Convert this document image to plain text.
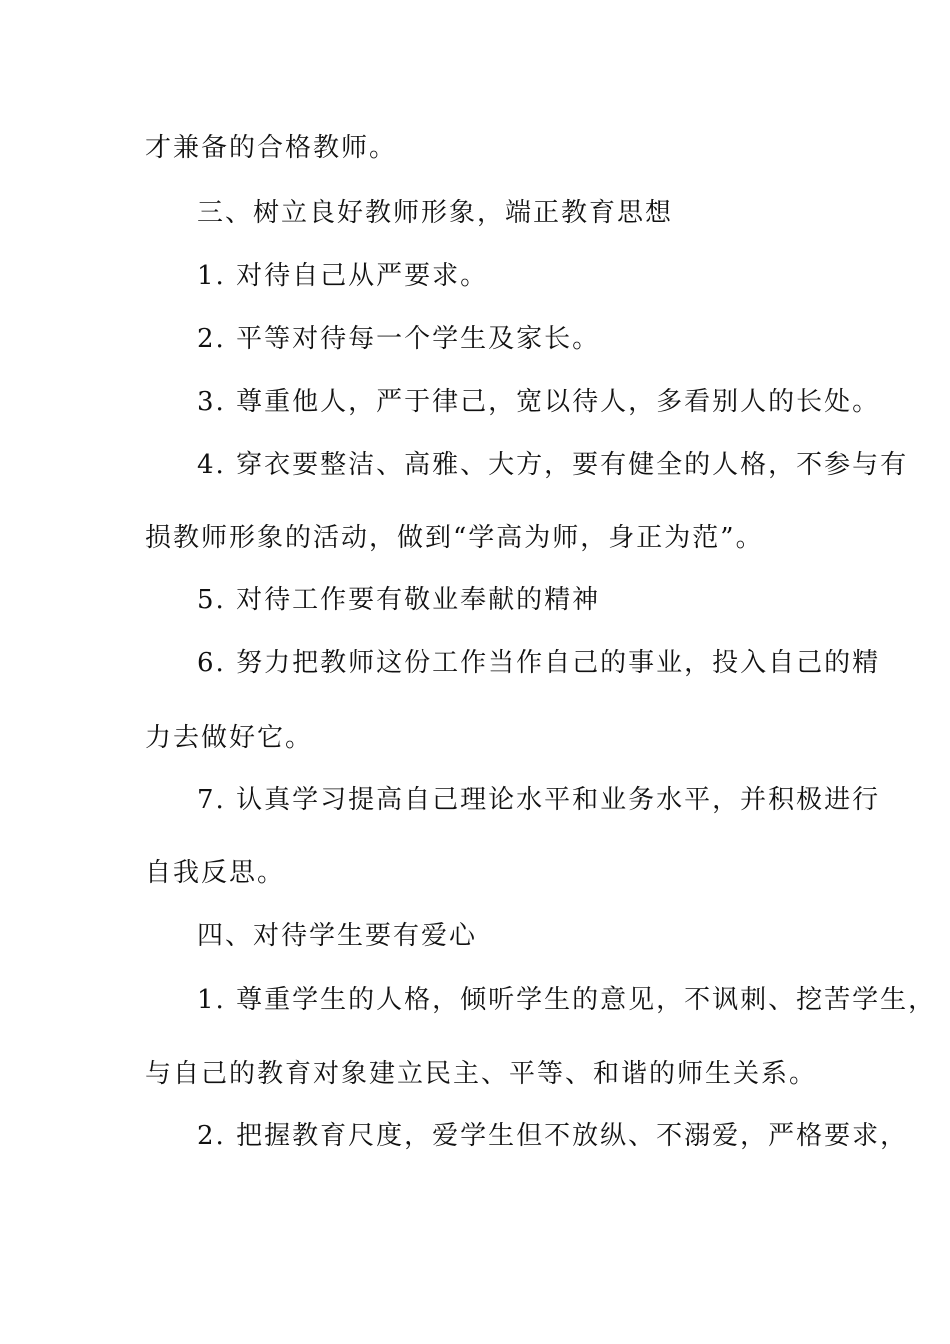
才兼备的合格教师。
三、树立良好教师形象，端正教育思想
1. 对待自己从严要求。
2. 平等对待每一个学生及家长。
3. 尊重他人，严于律己，宽以待人，多看别人的长处。
4. 穿衣要整洁、高雅、大方，要有健全的人格，不参与有
损教师形象的活动，做到“学高为师，身正为范”。
5. 对待工作要有敬业奉献的精神
6. 努力把教师这份工作当作自己的事业，投入自己的精
力去做好它。
7. 认真学习提高自己理论水平和业务水平，并积极进行
自我反思。
四、对待学生要有爱心
1. 尊重学生的人格，倾听学生的意见，不讽刺、挖苦学生，
与自己的教育对象建立民主、平等、和谐的师生关系。
2. 把握教育尺度，爱学生但不放纵、不溺爱，严格要求，
